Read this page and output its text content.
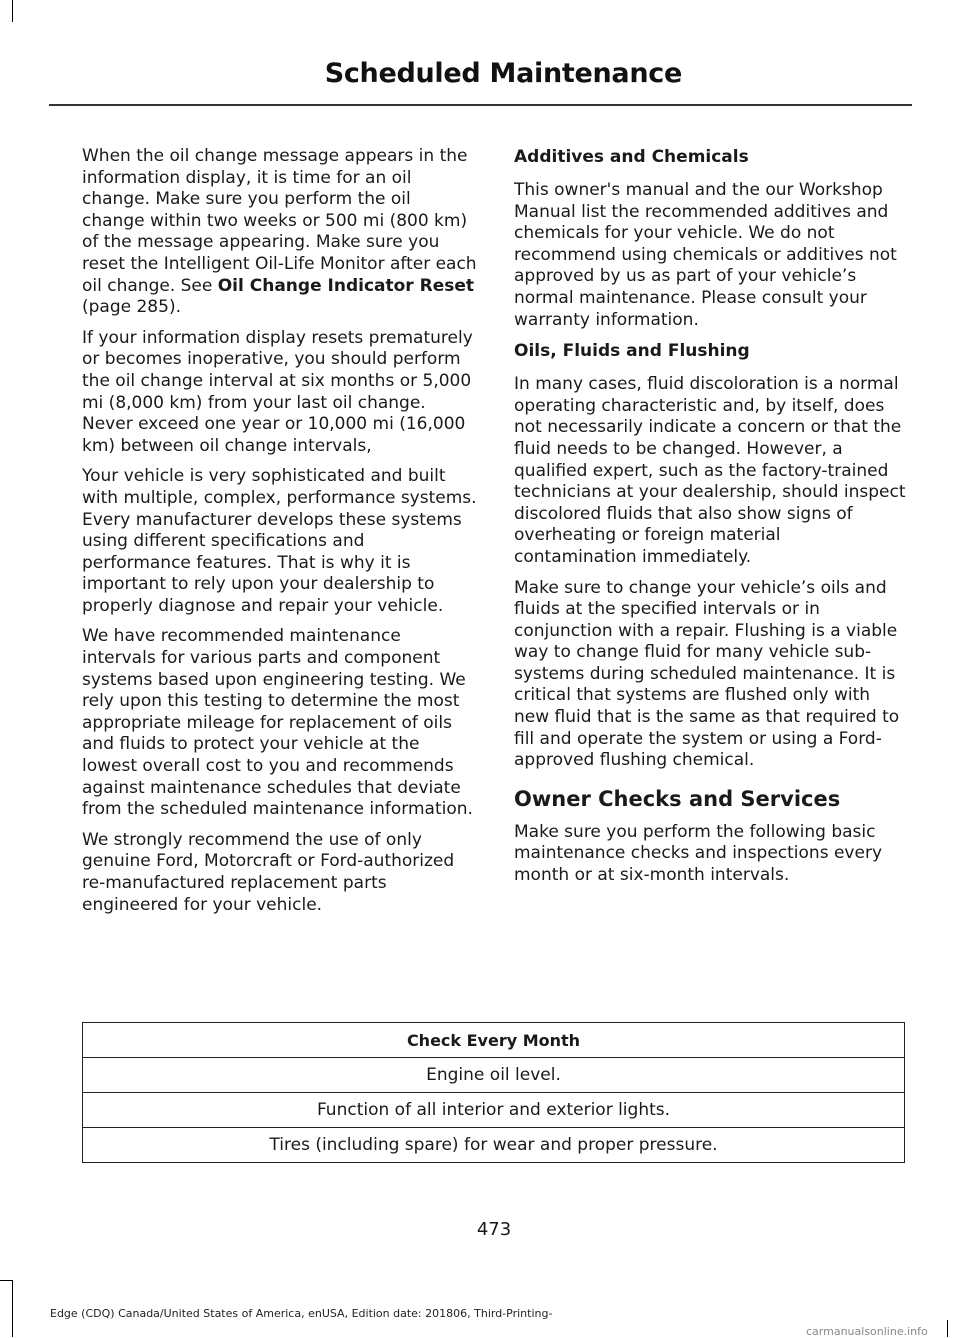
Scheduled Maintenance

When the oil change message appears in the information display, it is time for an oil change. Make sure you perform the oil change within two weeks or 500 mi (800 km) of the message appearing. Make sure you reset the Intelligent Oil-Life Monitor after each oil change. See Oil Change Indicator Reset (page 285).

If your information display resets prematurely or becomes inoperative, you should perform the oil change interval at six months or 5,000 mi (8,000 km) from your last oil change. Never exceed one year or 10,000 mi (16,000 km) between oil change intervals,

Your vehicle is very sophisticated and built with multiple, complex, performance systems. Every manufacturer develops these systems using different specifications and performance features. That is why it is important to rely upon your dealership to properly diagnose and repair your vehicle.

We have recommended maintenance intervals for various parts and component systems based upon engineering testing. We rely upon this testing to determine the most appropriate mileage for replacement of oils and fluids to protect your vehicle at the lowest overall cost to you and recommends against maintenance schedules that deviate from the scheduled maintenance information.

We strongly recommend the use of only genuine Ford, Motorcraft or Ford-authorized re-manufactured replacement parts engineered for your vehicle.

Additives and Chemicals

This owner's manual and the our Workshop Manual list the recommended additives and chemicals for your vehicle. We do not recommend using chemicals or additives not approved by us as part of your vehicle’s normal maintenance. Please consult your warranty information.

Oils, Fluids and Flushing

In many cases, fluid discoloration is a normal operating characteristic and, by itself, does not necessarily indicate a concern or that the fluid needs to be changed. However, a qualified expert, such as the factory-trained technicians at your dealership, should inspect discolored fluids that also show signs of overheating or foreign material contamination immediately.

Make sure to change your vehicle’s oils and fluids at the specified intervals or in conjunction with a repair. Flushing is a viable way to change fluid for many vehicle sub-systems during scheduled maintenance. It is critical that systems are flushed only with new fluid that is the same as that required to fill and operate the system or using a Ford-approved flushing chemical.

Owner Checks and Services

Make sure you perform the following basic maintenance checks and inspections every month or at six-month intervals.

Check Every Month
Engine oil level.
Function of all interior and exterior lights.
Tires (including spare) for wear and proper pressure.
473
Edge (CDQ) Canada/United States of America, enUSA, Edition date: 201806, Third-Printing-
carmanualsonline.info
